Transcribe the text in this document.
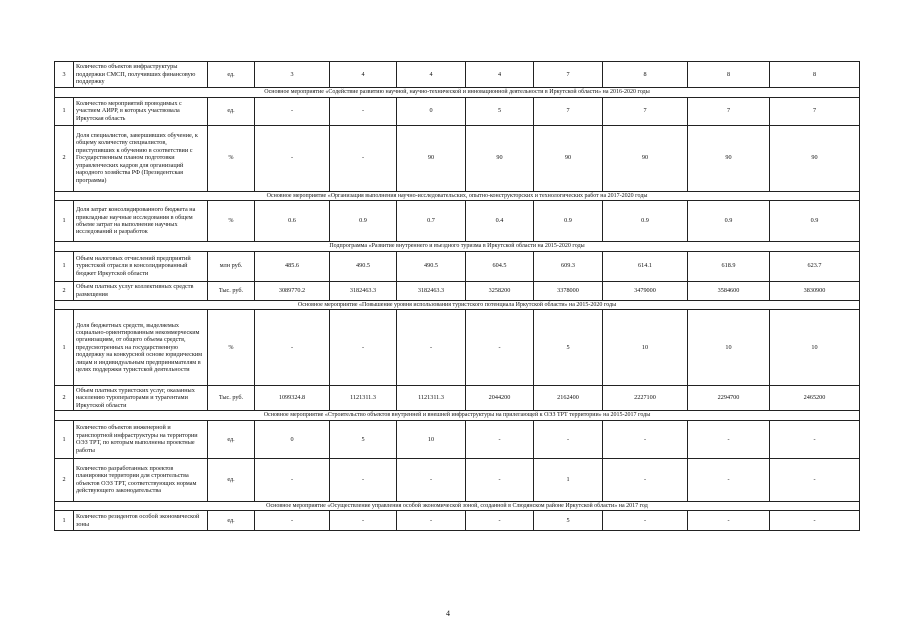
3	Количество объектов инфраструктуры поддержки СМСП, получивших финансовую поддержку	ед.	3	4	4	4	7	8	8	8
Основное мероприятие «Содействие развитию научной, научно-технической и инновационной деятельности в Иркутской области» на 2016-2020 годы										
1	Количество мероприятий проводимых с участием АИРР, в которых участвовала Иркутская область	ед.	-	-	0	5	7	7	7	7
2	Доля специалистов, завершивших обучение, к общему количеству специалистов, приступивших к обучению в соответствии с Государственным планом подготовки управленческих кадров для организаций народного хозяйства РФ (Президентская программа)	%	-	-	90	90	90	90	90	90
Основное мероприятие «Организация выполнения научно-исследовательских, опытно-конструкторских и технологических работ на 2017-2020 годы										
1	Доля затрат консолидированного бюджета на прикладные научные исследования в общем объеме затрат на выполнение научных исследований и разработок	%	0.6	0.9	0.7	0.4	0.9	0.9	0.9	0.9
Подпрограмма «Развитие внутреннего и въездного туризма в Иркутской области на 2015-2020 годы										
1	Объем налоговых отчислений предприятий туристской отрасли в консолидированный бюджет Иркутской области	млн руб.	485.6	490.5	490.5	604.5	609.3	614.1	618.9	623.7
2	Объем платных услуг коллективных средств размещения	Тыс. руб.	3089770.2	3182463.3	3182463.3	3258200	3378000	3479000	3584600	3830900
Основное мероприятие «Повышение уровня использования туристского потенциала Иркутской области» на 2015-2020 годы										
1	Доля бюджетных средств, выделяемых социально-ориентированным некоммерческим организациям, от общего объема средств, предусмотренных на государственную поддержку на конкурсной основе юридическим лицам и индивидуальным предпринимателям в целях поддержки туристской деятельности	%	-	-	-	-	5	10	10	10
2	Объем платных туристских услуг, оказанных населению туроператорами и турагентами Иркутской области	Тыс. руб.	1099324.8	1121311.3	1121311.3	2044200	2162400	2227100	2294700	2465200
Основное мероприятие «Строительство объектов внутренней и внешней инфраструктуры на прилегающей к ОЭЗ ТРТ территории» на 2015-2017 годы										
1	Количество объектов инженерной и транспортной инфраструктуры на территории ОЭЗ ТРТ, по которым выполнены проектные работы	ед.	0	5	10	-	-	-	-	-
2	Количество разработанных проектов планировки территории для строительства объектов ОЭЗ ТРТ, соответствующих нормам действующего законодательства	ед.	-	-	-	-	1	-	-	-
Основное мероприятие «Осуществление управления особой экономической зоной, созданной в Слюдянском районе Иркутской области» на 2017 год										
1	Количество резидентов особой экономической зоны	ед.	-	-	-	-	5	-	-	-
4
